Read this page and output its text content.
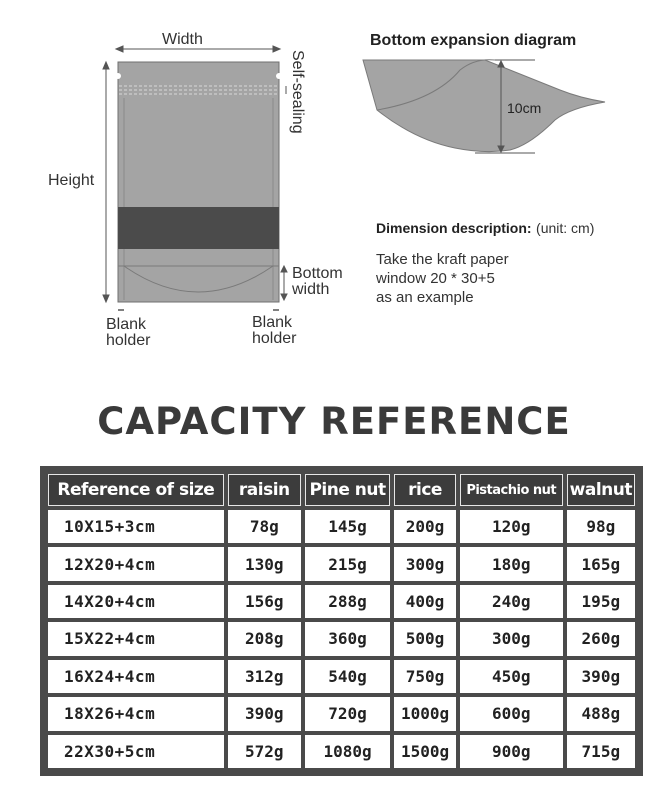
Width
Height
Self-sealing
Bottom
width
Blank
holder
Blank
holder
Bottom expansion diagram
10cm
Dimension description: (unit: cm)
Take the kraft paper
window 20 * 30+5
as an example
CAPACITY REFERENCE
Reference of size	raisin	Pine nut	rice	Pistachio nut	walnut
10X15+3cm	78g	145g	200g	120g	98g
12X20+4cm	130g	215g	300g	180g	165g
14X20+4cm	156g	288g	400g	240g	195g
15X22+4cm	208g	360g	500g	300g	260g
16X24+4cm	312g	540g	750g	450g	390g
18X26+4cm	390g	720g	1000g	600g	488g
22X30+5cm	572g	1080g	1500g	900g	715g
